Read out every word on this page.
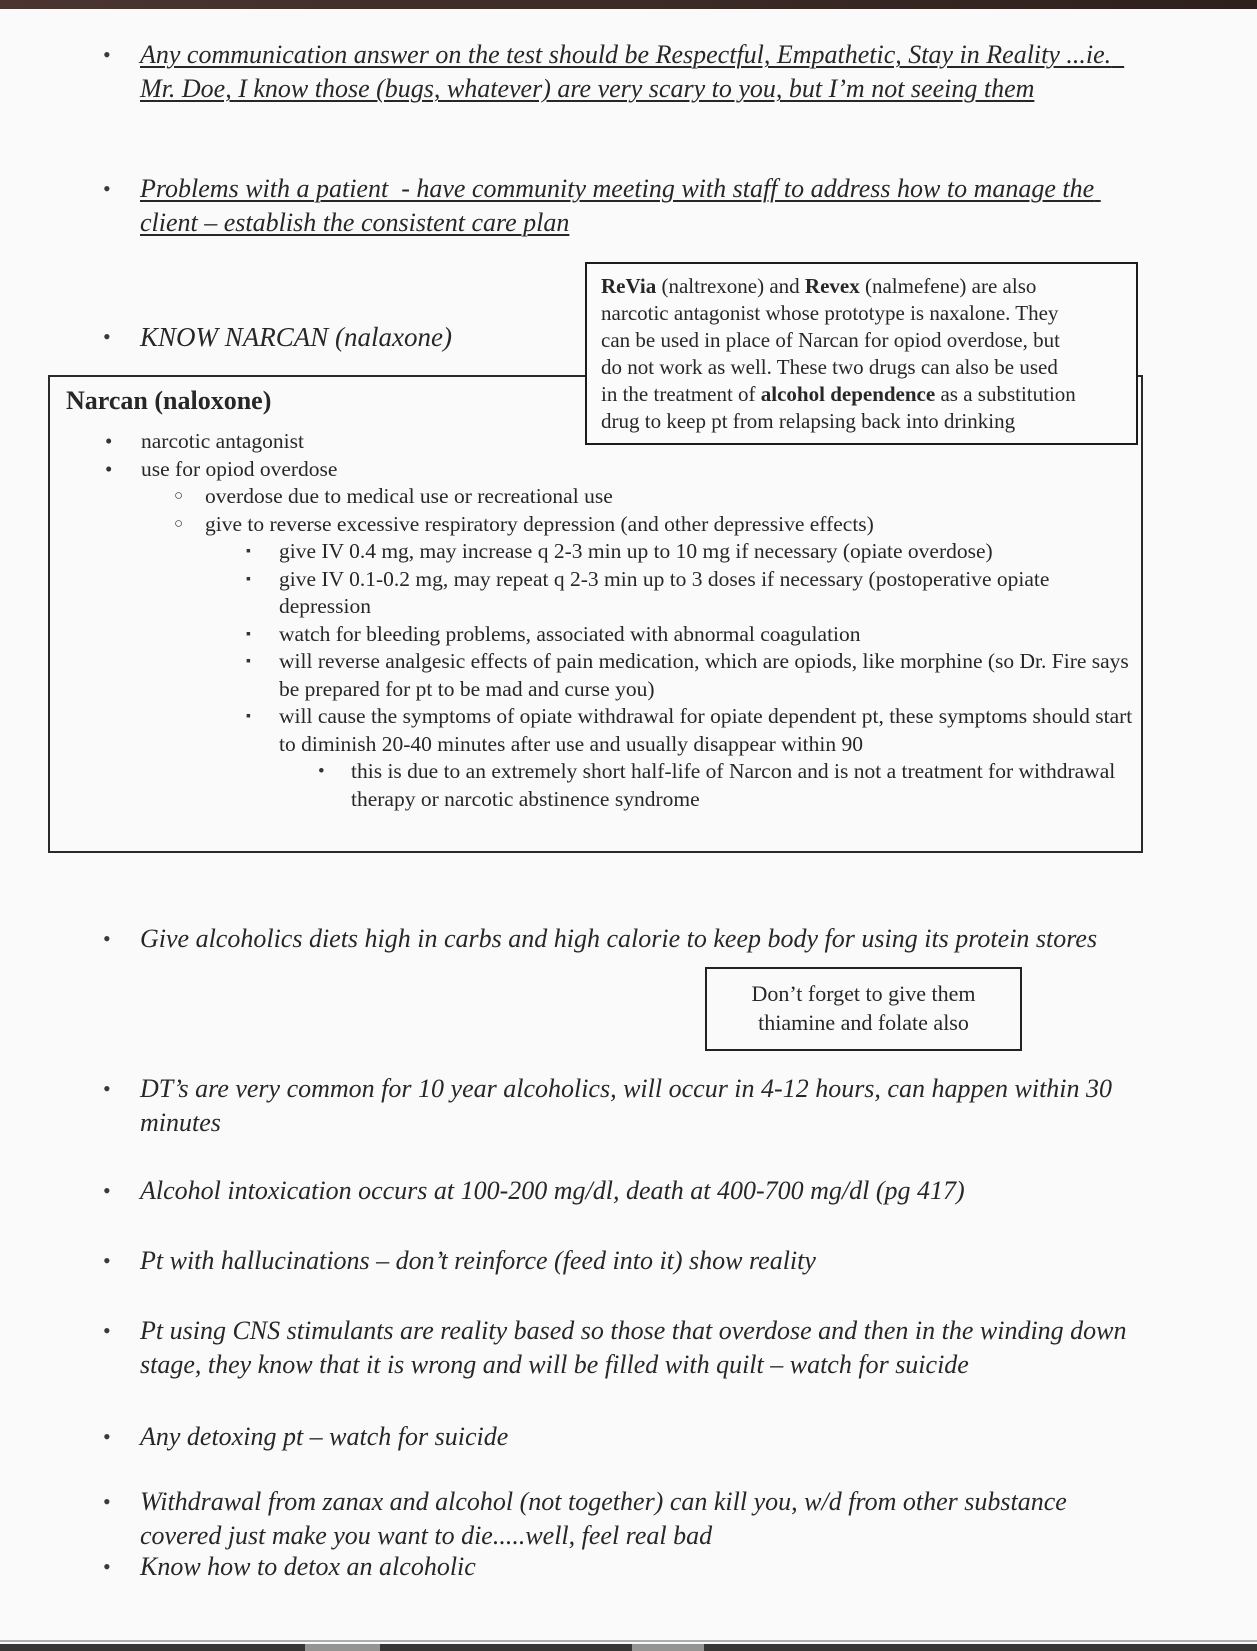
•	Any communication answer on the test should be Respectful, Empathetic, Stay in Reality ...ie.  Mr. Doe, I know those (bugs, whatever) are very scary to you, but I’m not seeing them
•	Problems with a patient  - have community meeting with staff to address how to manage the client – establish the consistent care plan
•	KNOW NARCAN (nalaxone)
ReVia (naltrexone) and Revex (nalmefene) are also
narcotic antagonist whose prototype is naxalone. They
can be used in place of Narcan for opiod overdose, but
do not work as well. These two drugs can also be used
in the treatment of alcohol dependence as a substitution
drug to keep pt from relapsing back into drinking
Narcan (naloxone)
•	narcotic antagonist
•	use for opiod overdose
○	overdose due to medical use or recreational use
○	give to reverse excessive respiratory depression (and other depressive effects)
▪	give IV 0.4 mg, may increase q 2-3 min up to 10 mg if necessary (opiate overdose)
▪	give IV 0.1-0.2 mg, may repeat q 2-3 min up to 3 doses if necessary (postoperative opiate depression
▪	watch for bleeding problems, associated with abnormal coagulation
▪	will reverse analgesic effects of pain medication, which are opiods, like morphine (so Dr. Fire says be prepared for pt to be mad and curse you)
▪	will cause the symptoms of opiate withdrawal for opiate dependent pt, these symptoms should start to diminish 20-40 minutes after use and usually disappear within 90
•	this is due to an extremely short half-life of Narcon and is not a treatment for withdrawal therapy or narcotic abstinence syndrome
Don’t forget to give them
thiamine and folate also
•	Give alcoholics diets high in carbs and high calorie to keep body for using its protein stores
•	DT’s are very common for 10 year alcoholics, will occur in 4-12 hours, can happen within 30 minutes
•	Alcohol intoxication occurs at 100-200 mg/dl, death at 400-700 mg/dl (pg 417)
•	Pt with hallucinations – don’t reinforce (feed into it) show reality
•	Pt using CNS stimulants are reality based so those that overdose and then in the winding down stage, they know that it is wrong and will be filled with quilt – watch for suicide
•	Any detoxing pt – watch for suicide
•	Withdrawal from zanax and alcohol (not together) can kill you, w/d from other substance covered just make you want to die.....well, feel real bad
•	Know how to detox an alcoholic
